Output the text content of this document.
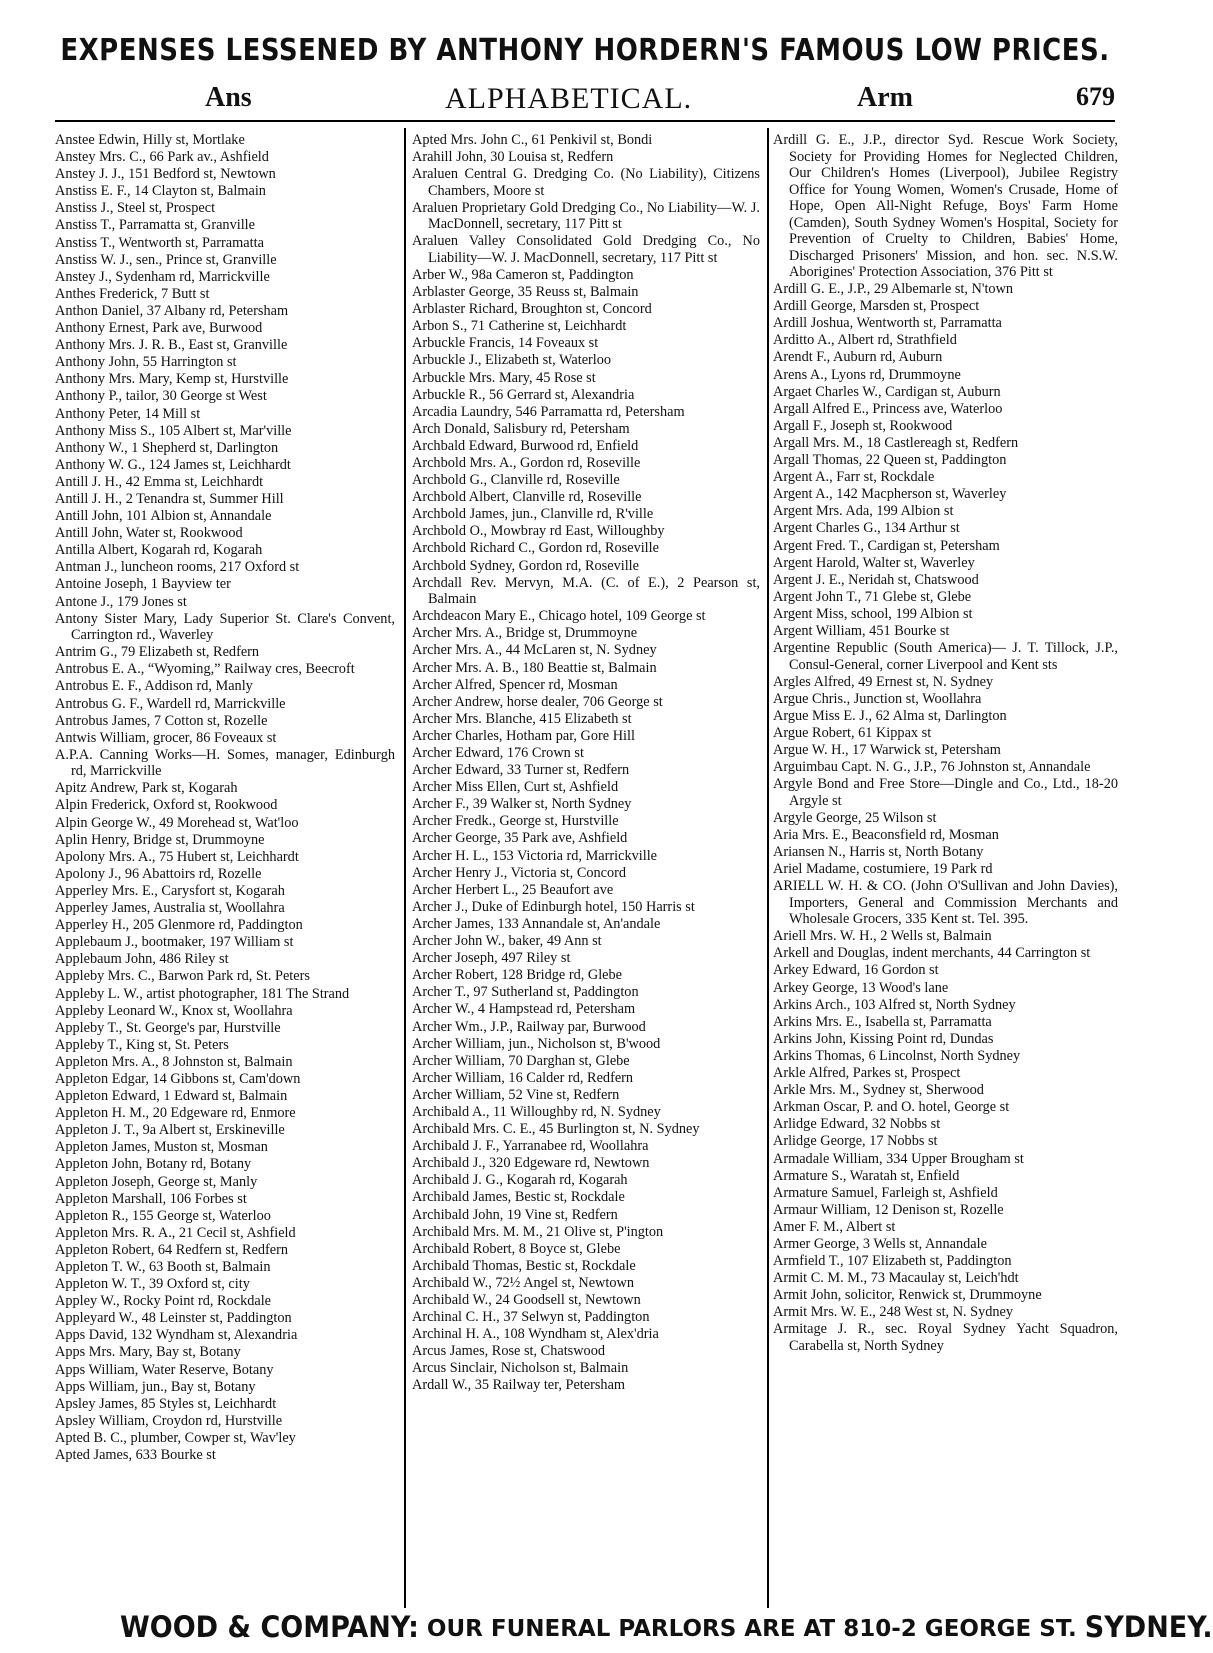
EXPENSES LESSENED BY ANTHONY HORDERN'S FAMOUS LOW PRICES.
Ans	ALPHABETICAL.	Arm	679
Anstee Edwin, Hilly st, Mortlake
Anstey Mrs. C., 66 Park av., Ashfield
Anstey J. J., 151 Bedford st, Newtown
Anstiss E. F., 14 Clayton st, Balmain
Anstiss J., Steel st, Prospect
Anstiss T., Parramatta st, Granville
Anstiss T., Wentworth st, Parramatta
Anstiss W. J., sen., Prince st, Granville
Anstey J., Sydenham rd, Marrickville
Anthes Frederick, 7 Butt st
Anthon Daniel, 37 Albany rd, Petersham
Anthony Ernest, Park ave, Burwood
Anthony Mrs. J. R. B., East st, Granville
Anthony John, 55 Harrington st
Anthony Mrs. Mary, Kemp st, Hurstville
Anthony P., tailor, 30 George st West
Anthony Peter, 14 Mill st
Anthony Miss S., 105 Albert st, Mar'ville
Anthony W., 1 Shepherd st, Darlington
Anthony W. G., 124 James st, Leichhardt
Antill J. H., 42 Emma st, Leichhardt
Antill J. H., 2 Tenandra st, Summer Hill
Antill John, 101 Albion st, Annandale
Antill John, Water st, Rookwood
Antilla Albert, Kogarah rd, Kogarah
Antman J., luncheon rooms, 217 Oxford st
Antoine Joseph, 1 Bayview ter
Antone J., 179 Jones st
Antony Sister Mary, Lady Superior St. Clare's Convent, Carrington rd., Waverley
Antrim G., 79 Elizabeth st, Redfern
Antrobus E. A., “Wyoming,” Railway cres, Beecroft
Antrobus E. F., Addison rd, Manly
Antrobus G. F., Wardell rd, Marrickville
Antrobus James, 7 Cotton st, Rozelle
Antwis William, grocer, 86 Foveaux st
A.P.A. Canning Works—H. Somes, manager, Edinburgh rd, Marrickville
Apitz Andrew, Park st, Kogarah
Alpin Frederick, Oxford st, Rookwood
Alpin George W., 49 Morehead st, Wat'loo
Aplin Henry, Bridge st, Drummoyne
Apolony Mrs. A., 75 Hubert st, Leichhardt
Apolony J., 96 Abattoirs rd, Rozelle
Apperley Mrs. E., Carysfort st, Kogarah
Apperley James, Australia st, Woollahra
Apperley H., 205 Glenmore rd, Paddington
Applebaum J., bootmaker, 197 William st
Applebaum John, 486 Riley st
Appleby Mrs. C., Barwon Park rd, St. Peters
Appleby L. W., artist photographer, 181 The Strand
Appleby Leonard W., Knox st, Woollahra
Appleby T., St. George's par, Hurstville
Appleby T., King st, St. Peters
Appleton Mrs. A., 8 Johnston st, Balmain
Appleton Edgar, 14 Gibbons st, Cam'down
Appleton Edward, 1 Edward st, Balmain
Appleton H. M., 20 Edgeware rd, Enmore
Appleton J. T., 9a Albert st, Erskineville
Appleton James, Muston st, Mosman
Appleton John, Botany rd, Botany
Appleton Joseph, George st, Manly
Appleton Marshall, 106 Forbes st
Appleton R., 155 George st, Waterloo
Appleton Mrs. R. A., 21 Cecil st, Ashfield
Appleton Robert, 64 Redfern st, Redfern
Appleton T. W., 63 Booth st, Balmain
Appleton W. T., 39 Oxford st, city
Appley W., Rocky Point rd, Rockdale
Appleyard W., 48 Leinster st, Paddington
Apps David, 132 Wyndham st, Alexandria
Apps Mrs. Mary, Bay st, Botany
Apps William, Water Reserve, Botany
Apps William, jun., Bay st, Botany
Apsley James, 85 Styles st, Leichhardt
Apsley William, Croydon rd, Hurstville
Apted B. C., plumber, Cowper st, Wav'ley
Apted James, 633 Bourke st
Apted Mrs. John C., 61 Penkivil st, Bondi
Arahill John, 30 Louisa st, Redfern
Araluen Central G. Dredging Co. (No Liability), Citizens Chambers, Moore st
Araluen Proprietary Gold Dredging Co., No Liability—W. J. MacDonnell, secretary, 117 Pitt st
Araluen Valley Consolidated Gold Dredging Co., No Liability—W. J. MacDonnell, secretary, 117 Pitt st
Arber W., 98a Cameron st, Paddington
Arblaster George, 35 Reuss st, Balmain
Arblaster Richard, Broughton st, Concord
Arbon S., 71 Catherine st, Leichhardt
Arbuckle Francis, 14 Foveaux st
Arbuckle J., Elizabeth st, Waterloo
Arbuckle Mrs. Mary, 45 Rose st
Arbuckle R., 56 Gerrard st, Alexandria
Arcadia Laundry, 546 Parramatta rd, Petersham
Arch Donald, Salisbury rd, Petersham
Archbald Edward, Burwood rd, Enfield
Archbold Mrs. A., Gordon rd, Roseville
Archbold G., Clanville rd, Roseville
Archbold Albert, Clanville rd, Roseville
Archbold James, jun., Clanville rd, R'ville
Archbold O., Mowbray rd East, Willoughby
Archbold Richard C., Gordon rd, Roseville
Archbold Sydney, Gordon rd, Roseville
Archdall Rev. Mervyn, M.A. (C. of E.), 2 Pearson st, Balmain
Archdeacon Mary E., Chicago hotel, 109 George st
Archer Mrs. A., Bridge st, Drummoyne
Archer Mrs. A., 44 McLaren st, N. Sydney
Archer Mrs. A. B., 180 Beattie st, Balmain
Archer Alfred, Spencer rd, Mosman
Archer Andrew, horse dealer, 706 George st
Archer Mrs. Blanche, 415 Elizabeth st
Archer Charles, Hotham par, Gore Hill
Archer Edward, 176 Crown st
Archer Edward, 33 Turner st, Redfern
Archer Miss Ellen, Curt st, Ashfield
Archer F., 39 Walker st, North Sydney
Archer Fredk., George st, Hurstville
Archer George, 35 Park ave, Ashfield
Archer H. L., 153 Victoria rd, Marrickville
Archer Henry J., Victoria st, Concord
Archer Herbert L., 25 Beaufort ave
Archer J., Duke of Edinburgh hotel, 150 Harris st
Archer James, 133 Annandale st, An'andale
Archer John W., baker, 49 Ann st
Archer Joseph, 497 Riley st
Archer Robert, 128 Bridge rd, Glebe
Archer T., 97 Sutherland st, Paddington
Archer W., 4 Hampstead rd, Petersham
Archer Wm., J.P., Railway par, Burwood
Archer William, jun., Nicholson st, B'wood
Archer William, 70 Darghan st, Glebe
Archer William, 16 Calder rd, Redfern
Archer William, 52 Vine st, Redfern
Archibald A., 11 Willoughby rd, N. Sydney
Archibald Mrs. C. E., 45 Burlington st, N. Sydney
Archibald J. F., Yarranabee rd, Woollahra
Archibald J., 320 Edgeware rd, Newtown
Archibald J. G., Kogarah rd, Kogarah
Archibald James, Bestic st, Rockdale
Archibald John, 19 Vine st, Redfern
Archibald Mrs. M. M., 21 Olive st, P'ington
Archibald Robert, 8 Boyce st, Glebe
Archibald Thomas, Bestic st, Rockdale
Archibald W., 72½ Angel st, Newtown
Archibald W., 24 Goodsell st, Newtown
Archinal C. H., 37 Selwyn st, Paddington
Archinal H. A., 108 Wyndham st, Alex'dria
Arcus James, Rose st, Chatswood
Arcus Sinclair, Nicholson st, Balmain
Ardall W., 35 Railway ter, Petersham
Ardill G. E., J.P., director Syd. Rescue Work Society, Society for Providing Homes for Neglected Children, Our Children's Homes (Liverpool), Jubilee Registry Office for Young Women, Women's Crusade, Home of Hope, Open All-Night Refuge, Boys' Farm Home (Camden), South Sydney Women's Hospital, Society for Prevention of Cruelty to Children, Babies' Home, Discharged Prisoners' Mission, and hon. sec. N.S.W. Aborigines' Protection Association, 376 Pitt st
Ardill G. E., J.P., 29 Albemarle st, N'town
Ardill George, Marsden st, Prospect
Ardill Joshua, Wentworth st, Parramatta
Arditto A., Albert rd, Strathfield
Arendt F., Auburn rd, Auburn
Arens A., Lyons rd, Drummoyne
Argaet Charles W., Cardigan st, Auburn
Argall Alfred E., Princess ave, Waterloo
Argall F., Joseph st, Rookwood
Argall Mrs. M., 18 Castlereagh st, Redfern
Argall Thomas, 22 Queen st, Paddington
Argent A., Farr st, Rockdale
Argent A., 142 Macpherson st, Waverley
Argent Mrs. Ada, 199 Albion st
Argent Charles G., 134 Arthur st
Argent Fred. T., Cardigan st, Petersham
Argent Harold, Walter st, Waverley
Argent J. E., Neridah st, Chatswood
Argent John T., 71 Glebe st, Glebe
Argent Miss, school, 199 Albion st
Argent William, 451 Bourke st
Argentine Republic (South America)— J. T. Tillock, J.P., Consul-General, corner Liverpool and Kent sts
Argles Alfred, 49 Ernest st, N. Sydney
Argue Chris., Junction st, Woollahra
Argue Miss E. J., 62 Alma st, Darlington
Argue Robert, 61 Kippax st
Argue W. H., 17 Warwick st, Petersham
Arguimbau Capt. N. G., J.P., 76 Johnston st, Annandale
Argyle Bond and Free Store—Dingle and Co., Ltd., 18-20 Argyle st
Argyle George, 25 Wilson st
Aria Mrs. E., Beaconsfield rd, Mosman
Ariansen N., Harris st, North Botany
Ariel Madame, costumiere, 19 Park rd
ARIELL W. H. & CO. (John O'Sullivan and John Davies), Importers, General and Commission Merchants and Wholesale Grocers, 335 Kent st. Tel. 395.
Ariell Mrs. W. H., 2 Wells st, Balmain
Arkell and Douglas, indent merchants, 44 Carrington st
Arkey Edward, 16 Gordon st
Arkey George, 13 Wood's lane
Arkins Arch., 103 Alfred st, North Sydney
Arkins Mrs. E., Isabella st, Parramatta
Arkins John, Kissing Point rd, Dundas
Arkins Thomas, 6 Lincolnst, North Sydney
Arkle Alfred, Parkes st, Prospect
Arkle Mrs. M., Sydney st, Sherwood
Arkman Oscar, P. and O. hotel, George st
Arlidge Edward, 32 Nobbs st
Arlidge George, 17 Nobbs st
Armadale William, 334 Upper Brougham st
Armature S., Waratah st, Enfield
Armature Samuel, Farleigh st, Ashfield
Armaur William, 12 Denison st, Rozelle
Amer F. M., Albert st
Armer George, 3 Wells st, Annandale
Armfield T., 107 Elizabeth st, Paddington
Armit C. M. M., 73 Macaulay st, Leich'hdt
Armit John, solicitor, Renwick st, Drummoyne
Armit Mrs. W. E., 248 West st, N. Sydney
Armitage J. R., sec. Royal Sydney Yacht Squadron, Carabella st, North Sydney
WOOD & COMPANY: OUR FUNERAL PARLORS ARE AT 810-2 GEORGE ST. SYDNEY.
